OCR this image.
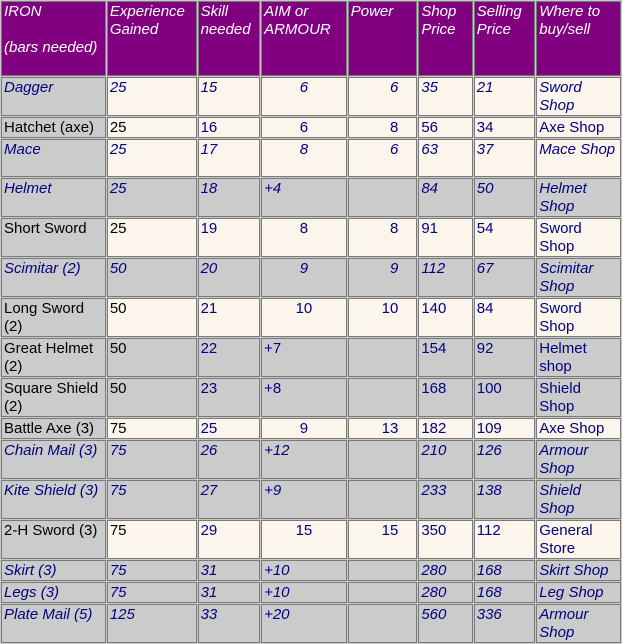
IRON

(bars needed)	Experience Gained	Skill needed	AIM or ARMOUR	Power	Shop Price	Selling Price	Where to buy/sell
Dagger	25	15	6	6	35	21	Sword Shop
Hatchet (axe)	25	16	6	8	56	34	Axe Shop
Mace	25	17	8	6	63	37	Mace Shop
Helmet	25	18	+4		84	50	Helmet Shop
Short Sword	25	19	8	8	91	54	Sword Shop
Scimitar (2)	50	20	9	9	112	67	Scimitar Shop
Long Sword (2)	50	21	10	10	140	84	Sword Shop
Great Helmet (2)	50	22	+7		154	92	Helmet shop
Square Shield (2)	50	23	+8		168	100	Shield Shop
Battle Axe (3)	75	25	9	13	182	109	Axe Shop
Chain Mail (3)	75	26	+12		210	126	Armour Shop
Kite Shield (3)	75	27	+9		233	138	Shield Shop
2-H Sword (3)	75	29	15	15	350	112	General Store
Skirt (3)	75	31	+10		280	168	Skirt Shop
Legs (3)	75	31	+10		280	168	Leg Shop
Plate Mail (5)	125	33	+20		560	336	Armour Shop
